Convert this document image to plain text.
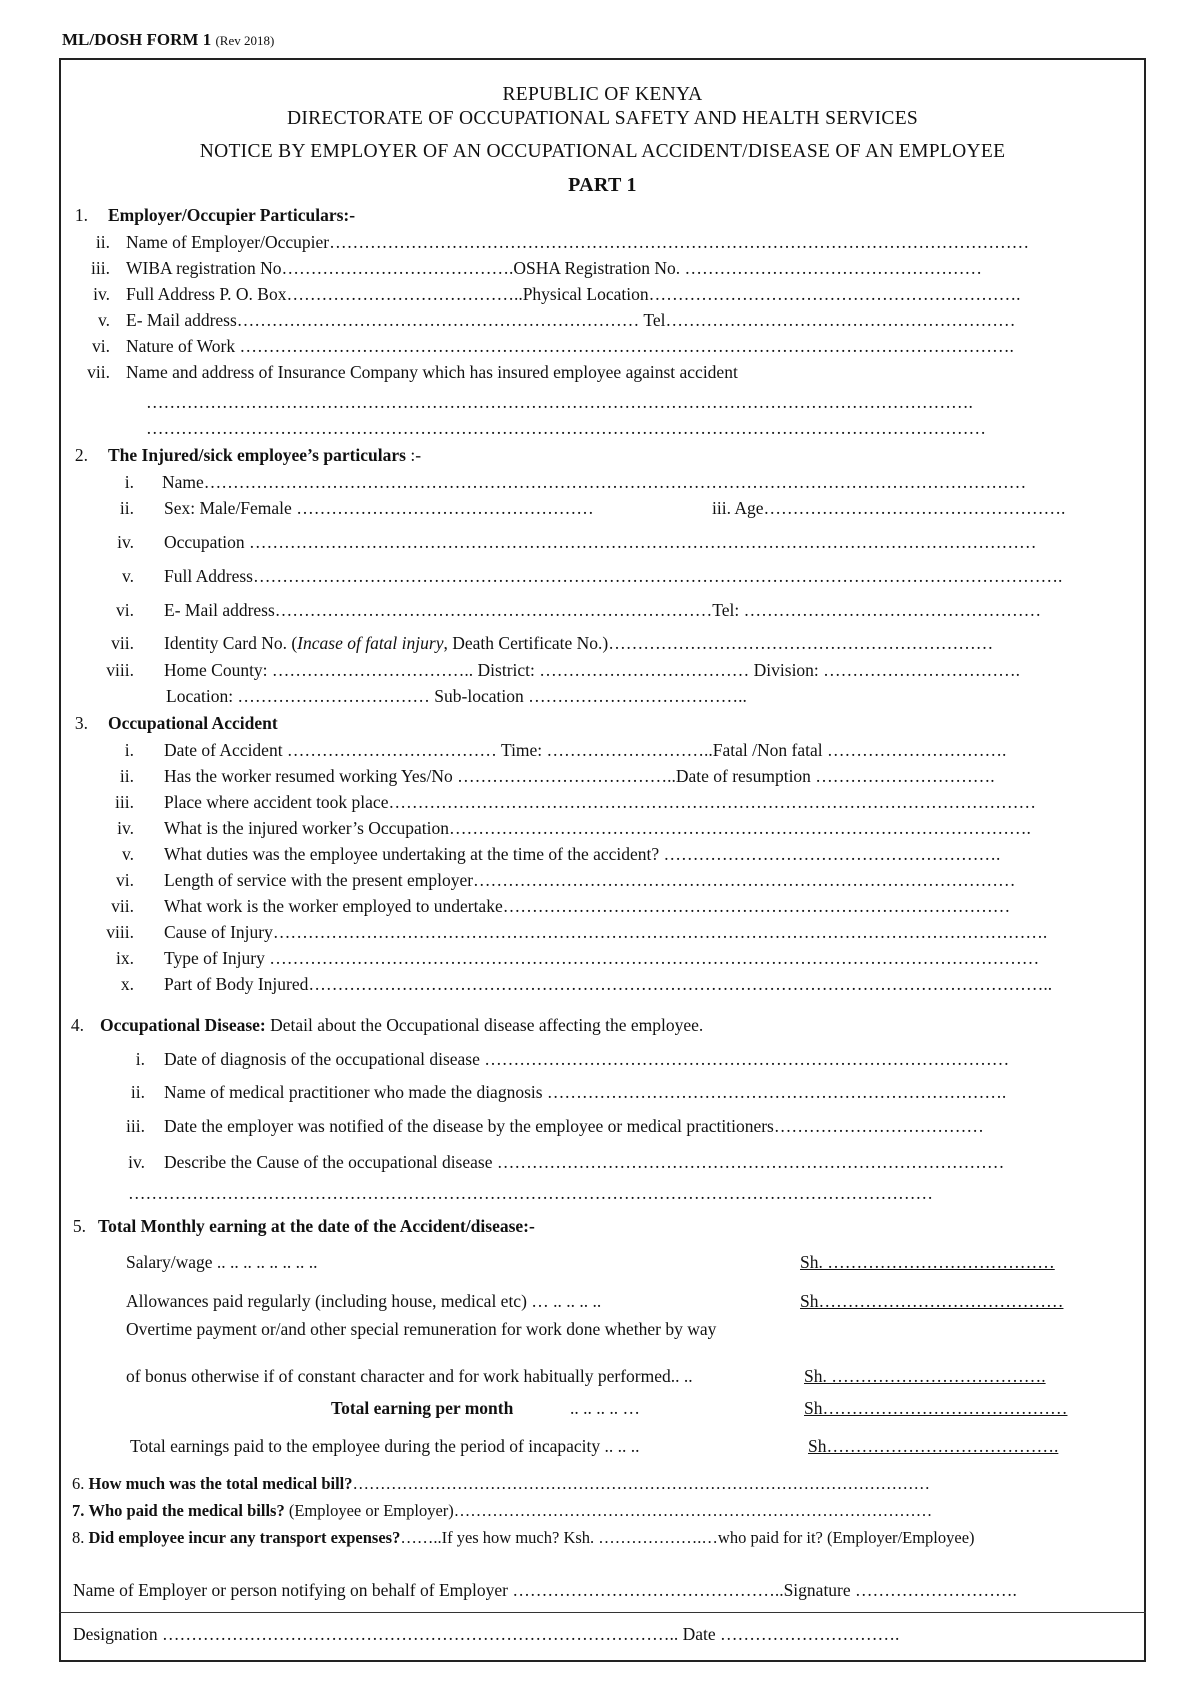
ML/DOSH FORM 1 (Rev 2018)
REPUBLIC OF KENYA
DIRECTORATE OF OCCUPATIONAL SAFETY AND HEALTH SERVICES
NOTICE BY EMPLOYER OF AN OCCUPATIONAL ACCIDENT/DISEASE OF AN EMPLOYEE
PART 1
1. Employer/Occupier Particulars:-
ii. Name of Employer/Occupier…………………………………………………………………………………………………………
iii. WIBA registration No………………………………….OSHA Registration No. ……………………………………………
iv. Full Address P. O. Box…………………………………..Physical Location……………………………………………………….
v. E- Mail address…………………………………………………………… Tel……………………………………………………
vi. Nature of Work …………………………………………………………………………………………………………………….
vii. Name and address of Insurance Company which has insured employee against accident
…………………………………………………………………………………………………………………………….
………………………………………………………………………………………………………………………………
2. The Injured/sick employee’s particulars :-
i. Name……………………………………………………………………………………………………………………………
ii. Sex: Male/Female ……………………………………………	iii. Age…………………………………………….
iv. Occupation ………………………………………………………………………………………………………………………
v. Full Address………………………………………………………………………………………………………………………….
vi. E- Mail address…………………………………………………………………Tel: ……………………………………………
vii. Identity Card No. (Incase of fatal injury, Death Certificate No.)…………………………………………………………
viii. Home County: …………………………….. District: ……………………………… Division: …………………………….
Location: …………………………… Sub-location ………………………………..
3. Occupational Accident
i. Date of Accident ……………………………… Time: ………………………..Fatal /Non fatal ………………………….
ii. Has the worker resumed working Yes/No ………………………………..Date of resumption ………………………….
iii. Place where accident took place…………………………………………………………………………………………………
iv. What is the injured worker’s Occupation……………………………………………………………………………………….
v. What duties was the employee undertaking at the time of the accident? ………………………………………………….
vi. Length of service with the present employer…………………………………………………………………………………
vii. What work is the worker employed to undertake……………………………………………………………………………
viii. Cause of Injury…………………………………………………………………………………………………………………….
ix. Type of Injury ……………………………………………………………………………………………………………………
x. Part of Body Injured………………………………………………………………………………………………………………..
4. Occupational Disease: Detail about the Occupational disease affecting the employee.
i. Date of diagnosis of the occupational disease ………………………………………………………………………………
ii. Name of medical practitioner who made the diagnosis …………………………………………………………………….
iii. Date the employer was notified of the disease by the employee or medical practitioners………………………………
iv. Describe the Cause of the occupational disease ……………………………………………………………………………
…………………………………………………………………………………………………………………………
5. Total Monthly earning at the date of the Accident/disease:-
Salary/wage .. .. .. .. .. .. .. ..	Sh. …………………………………
Allowances paid regularly (including house, medical etc) … .. .. .. ..	Sh……………………………………
Overtime payment or/and other special remuneration for work done whether by way
of bonus otherwise if of constant character and for work habitually performed.. ..	Sh. ……………………………….
Total earning per month	.. .. .. .. …	Sh……………………………………
Total earnings paid to the employee during the period of incapacity .. .. ..	Sh………………………………….
6. How much was the total medical bill?……………………………………………………………………………………………
7. Who paid the medical bills? (Employee or Employer)……………………………………………………………………………
8. Did employee incur any transport expenses?……..If yes how much? Ksh. ……………….…who paid for it? (Employer/Employee)
Name of Employer or person notifying on behalf of Employer ………………………………………..Signature ……………………….
Designation …………………………………………………………………………….. Date ………………………….
